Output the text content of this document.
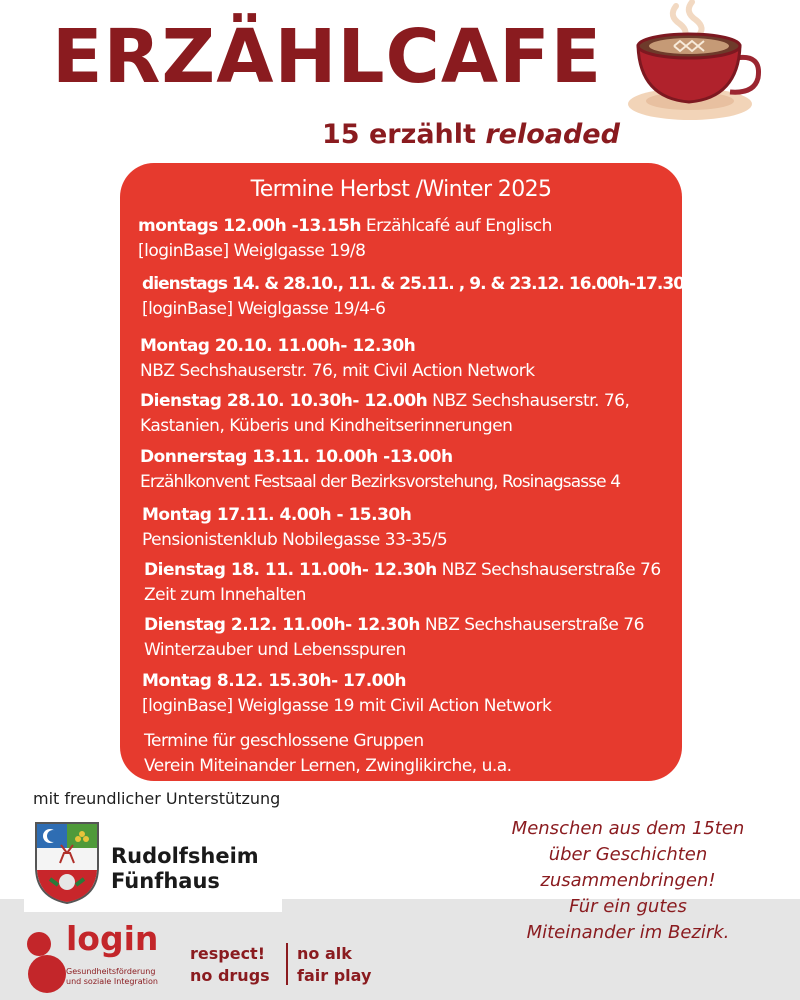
ERZÄHLCAFE
15 erzählt reloaded
Termine Herbst /Winter 2025
montags 12.00h -13.15h Erzählcafé auf Englisch
[loginBase] Weiglgasse 19/8
dienstags 14. & 28.10., 11. & 25.11. , 9. & 23.12. 16.00h-17.30h
[loginBase] Weiglgasse 19/4-6
Montag 20.10. 11.00h- 12.30h
NBZ Sechshauserstr. 76, mit Civil Action Network
Dienstag 28.10. 10.30h- 12.00h NBZ Sechshauserstr. 76,
Kastanien, Küberis und Kindheitserinnerungen
Donnerstag 13.11. 10.00h -13.00h
Erzählkonvent Festsaal der Bezirksvorstehung, Rosinagsasse 4
Montag 17.11. 4.00h - 15.30h
Pensionistenklub Nobilegasse 33-35/5
Dienstag 18. 11. 11.00h- 12.30h NBZ Sechshauserstraße 76
Zeit zum Innehalten
Dienstag 2.12. 11.00h- 12.30h NBZ Sechshauserstraße 76
Winterzauber und Lebensspuren
Montag 8.12. 15.30h- 17.00h
[loginBase] Weiglgasse 19 mit Civil Action Network
Termine für geschlossene Gruppen
Verein Miteinander Lernen, Zwinglikirche, u.a.
mit freundlicher Unterstützung
Rudolfsheim
Fünfhaus
Menschen aus dem 15ten
über Geschichten
zusammenbringen!
Für ein gutes
Miteinander im Bezirk.
login
Gesundheitsförderung
und soziale Integration
respect!
no drugs
no alk
fair play
